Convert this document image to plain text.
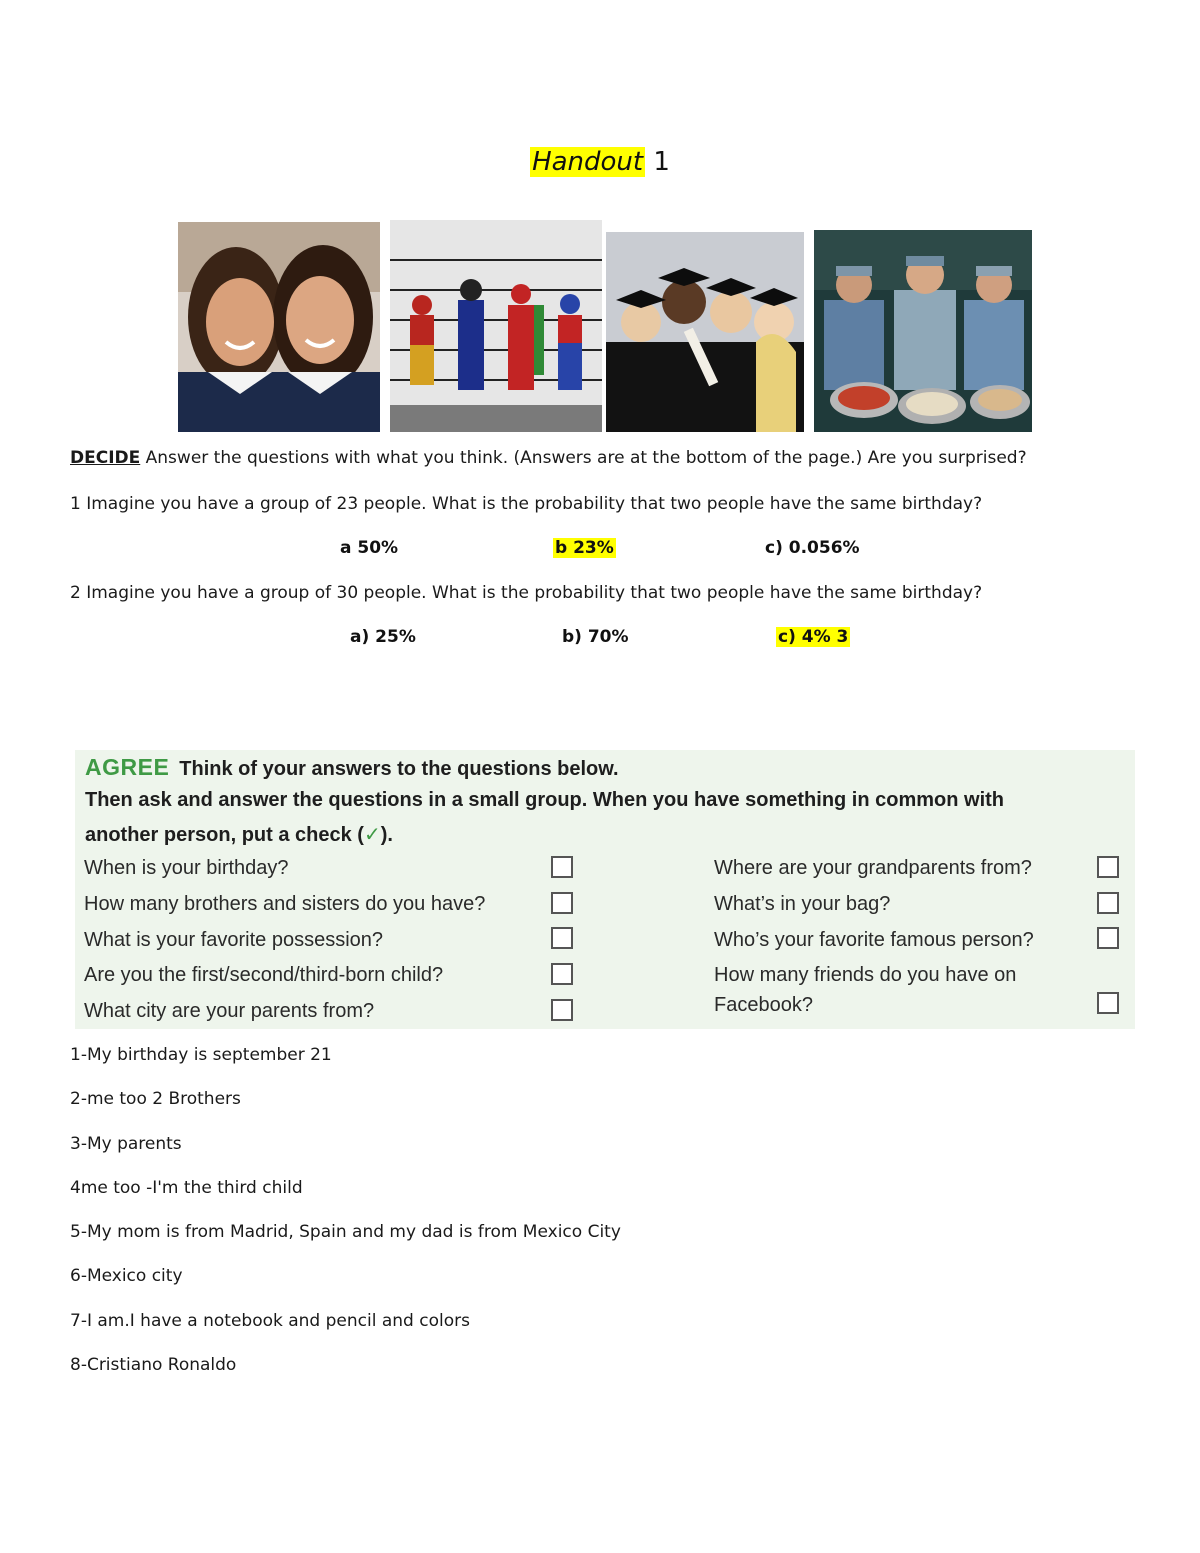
Handout 1
DECIDE Answer the questions with what you think. (Answers are at the bottom of the page.) Are you surprised?
1 Imagine you have a group of 23 people. What is the probability that two people have the same birthday?
a 50%	b 23%	c) 0.056%
2 Imagine you have a group of 30 people. What is the probability that two people have the same birthday?
a) 25%	b) 70%	c) 4% 3
AGREE Think of your answers to the questions below.
Then ask and answer the questions in a small group. When you have something in common with
another person, put a check (✓).
When is your birthday?
How many brothers and sisters do you have?
What is your favorite possession?
Are you the first/second/third-born child?
What city are your parents from?
Where are your grandparents from?
What’s in your bag?
Who’s your favorite famous person?
How many friends do you have on
Facebook?
1-My birthday is september 21
2-me too 2 Brothers
3-My parents
4me too -I'm the third child
5-My mom is from Madrid, Spain and my dad is from Mexico City
6-Mexico city
7-I am.I have a notebook and pencil and colors
8-Cristiano Ronaldo
